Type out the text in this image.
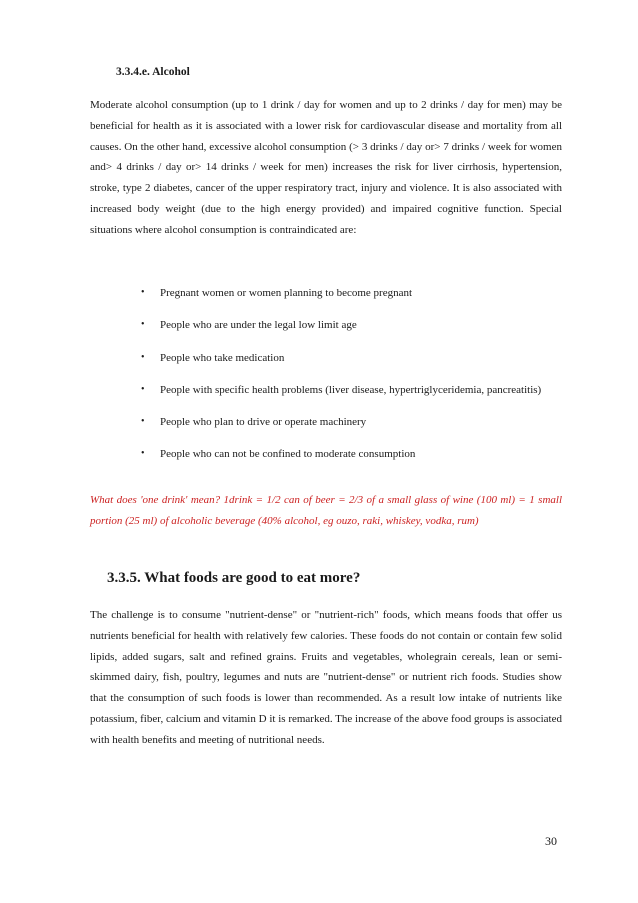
3.3.4.e. Alcohol

Moderate alcohol consumption (up to 1 drink / day for women and up to 2 drinks / day for men) may be beneficial for health as it is associated with a lower risk for cardiovascular disease and mortality from all causes. On the other hand, excessive alcohol consumption (> 3 drinks / day or> 7 drinks / week for women and> 4 drinks / day or> 14 drinks / week for men) increases the risk for liver cirrhosis, hypertension, stroke, type 2 diabetes, cancer of the upper respiratory tract, injury and violence. It is also associated with increased body weight (due to the high energy provided) and impaired cognitive function. Special situations where alcohol consumption is contraindicated are:

• Pregnant women or women planning to become pregnant
• People who are under the legal low limit age
• People who take medication
• People with specific health problems (liver disease, hypertriglyceridemia, pancreatitis)
• People who plan to drive or operate machinery
• People who can not be confined to moderate consumption

What does 'one drink' mean? 1drink = 1/2 can of beer = 2/3 of a small glass of wine (100 ml) = 1 small portion (25 ml) of alcoholic beverage (40% alcohol, eg ouzo, raki, whiskey, vodka, rum)

3.3.5. What foods are good to eat more?

The challenge is to consume "nutrient-dense" or "nutrient-rich" foods, which means foods that offer us nutrients beneficial for health with relatively few calories. These foods do not contain or contain few solid lipids, added sugars, salt and refined grains. Fruits and vegetables, wholegrain cereals, lean or semi-skimmed dairy, fish, poultry, legumes and nuts are "nutrient-dense" or nutrient rich foods. Studies show that the consumption of such foods is lower than recommended. As a result low intake of nutrients like potassium, fiber, calcium and vitamin D it is remarked. The increase of the above food groups is associated with health benefits and meeting of nutritional needs.

30
